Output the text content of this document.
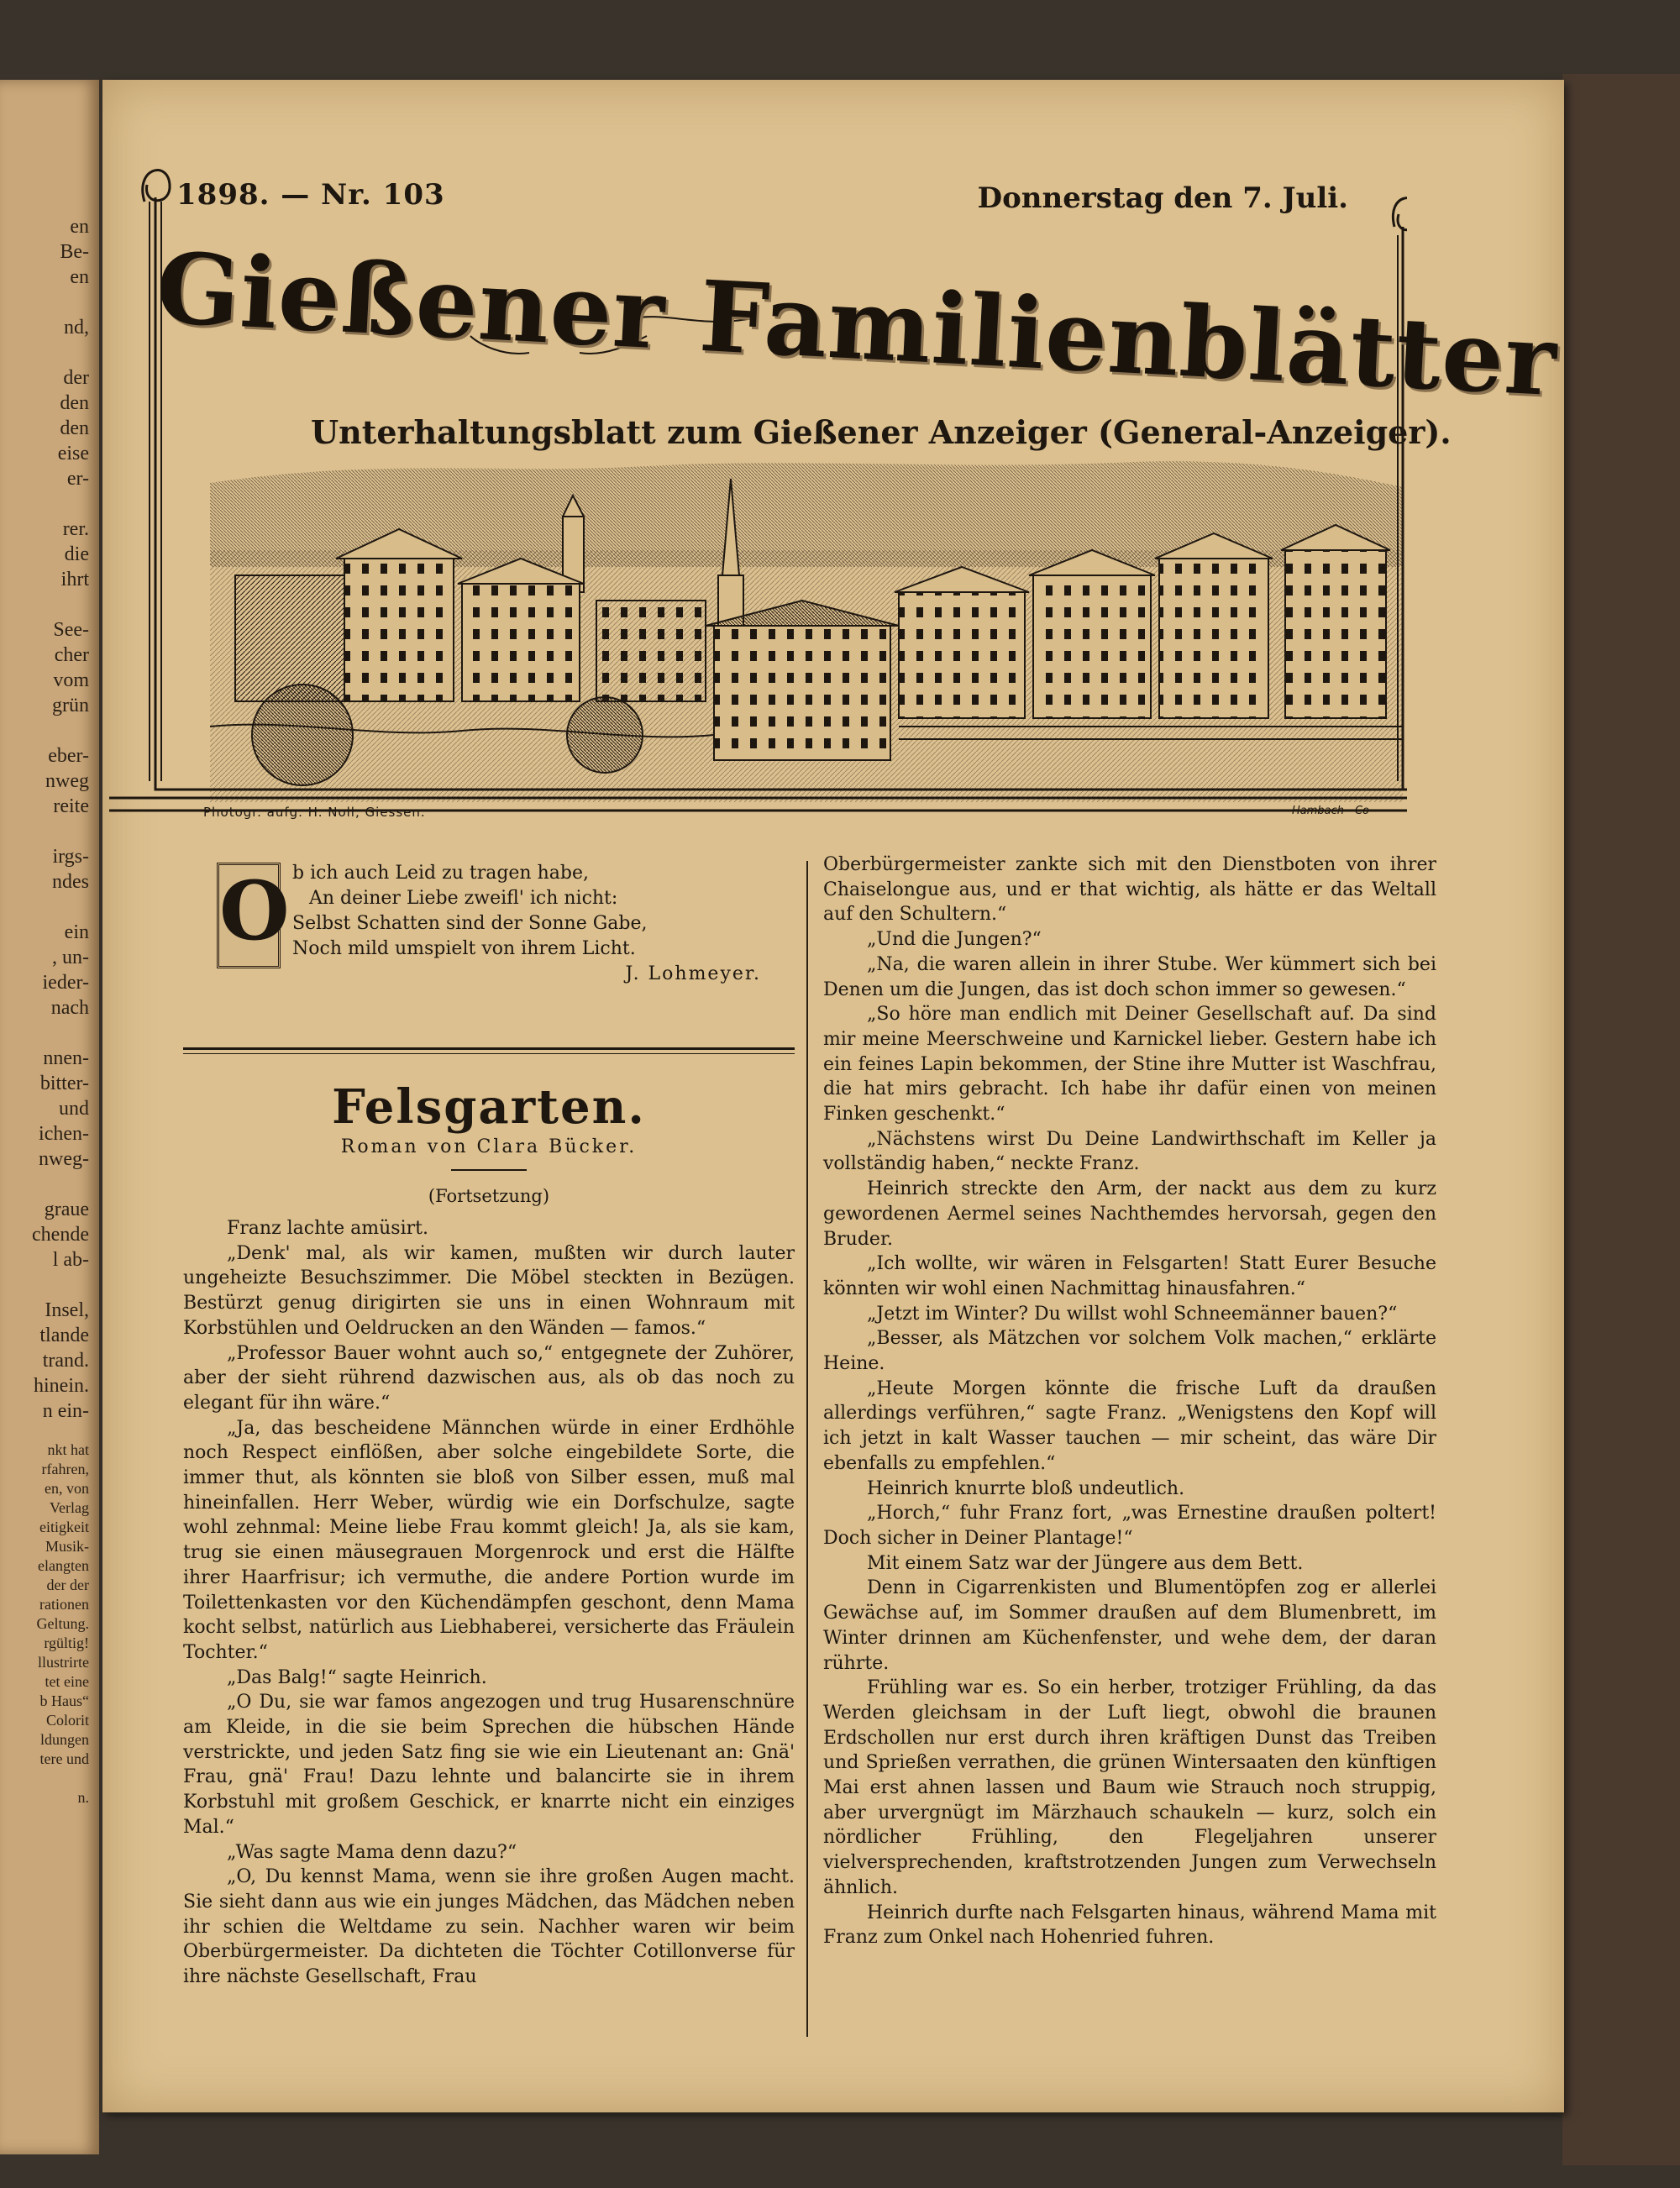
en
Be-
en

nd,

der
den
den
eise
er-

rer.
die
ihrt

See-
cher
vom
grün

eber-
nweg
reite

irgs-
ndes

ein
, un-
ieder-
nach

nnen-
bitter-
und
ichen-
nweg-

graue
chende
l ab-

Insel,
tlande
trand.
hinein.
n ein-
nkt hat
rfahren,
en, von
Verlag
eitigkeit
Musik-
elangten
der der
rationen
Geltung.
rgültig!
llustrirte
tet eine
b Haus“
Colorit
ldungen
tere und

n.
1898. — Nr. 103	Donnerstag den 7. Juli.
Gießener Familienblätter
Unterhaltungsblatt zum Gießener Anzeiger (General-Anzeiger).
Photogr. aufg. H. Noll, Giessen.	Hambach - Co
O b ich auch Leid zu tragen habe,
An deiner Liebe zweifl' ich nicht:
Selbst Schatten sind der Sonne Gabe,
Noch mild umspielt von ihrem Licht.
J. Lohmeyer.
Felsgarten.
Roman von Clara Bücker.
(Fortsetzung)

Franz lachte amüsirt.

„Denk' mal, als wir kamen, mußten wir durch lauter ungeheizte Besuchszimmer. Die Möbel steckten in Bezügen. Bestürzt genug dirigirten sie uns in einen Wohnraum mit Korbstühlen und Oeldrucken an den Wänden — famos.“

„Professor Bauer wohnt auch so,“ entgegnete der Zuhörer, aber der sieht rührend dazwischen aus, als ob das noch zu elegant für ihn wäre.“

„Ja, das bescheidene Männchen würde in einer Erdhöhle noch Respect einflößen, aber solche eingebildete Sorte, die immer thut, als könnten sie bloß von Silber essen, muß mal hineinfallen. Herr Weber, würdig wie ein Dorfschulze, sagte wohl zehnmal: Meine liebe Frau kommt gleich! Ja, als sie kam, trug sie einen mäusegrauen Morgenrock und erst die Hälfte ihrer Haarfrisur; ich vermuthe, die andere Portion wurde im Toilettenkasten vor den Küchendämpfen geschont, denn Mama kocht selbst, natürlich aus Liebhaberei, versicherte das Fräulein Tochter.“

„Das Balg!“ sagte Heinrich.

„O Du, sie war famos angezogen und trug Husarenschnüre am Kleide, in die sie beim Sprechen die hübschen Hände verstrickte, und jeden Satz fing sie wie ein Lieutenant an: Gnä' Frau, gnä' Frau! Dazu lehnte und balancirte sie in ihrem Korbstuhl mit großem Geschick, er knarrte nicht ein einziges Mal.“

„Was sagte Mama denn dazu?“

„O, Du kennst Mama, wenn sie ihre großen Augen macht. Sie sieht dann aus wie ein junges Mädchen, das Mädchen neben ihr schien die Weltdame zu sein. Nachher waren wir beim Oberbürgermeister. Da dichteten die Töchter Cotillonverse für ihre nächste Gesellschaft, Frau

Oberbürgermeister zankte sich mit den Dienstboten von ihrer Chaiselongue aus, und er that wichtig, als hätte er das Weltall auf den Schultern.“

„Und die Jungen?“

„Na, die waren allein in ihrer Stube. Wer kümmert sich bei Denen um die Jungen, das ist doch schon immer so gewesen.“

„So höre man endlich mit Deiner Gesellschaft auf. Da sind mir meine Meerschweine und Karnickel lieber. Gestern habe ich ein feines Lapin bekommen, der Stine ihre Mutter ist Waschfrau, die hat mirs gebracht. Ich habe ihr dafür einen von meinen Finken geschenkt.“

„Nächstens wirst Du Deine Landwirthschaft im Keller ja vollständig haben,“ neckte Franz.

Heinrich streckte den Arm, der nackt aus dem zu kurz gewordenen Aermel seines Nachthemdes hervorsah, gegen den Bruder.

„Ich wollte, wir wären in Felsgarten! Statt Eurer Besuche könnten wir wohl einen Nachmittag hinausfahren.“

„Jetzt im Winter? Du willst wohl Schneemänner bauen?“

„Besser, als Mätzchen vor solchem Volk machen,“ erklärte Heine.

„Heute Morgen könnte die frische Luft da draußen allerdings verführen,“ sagte Franz. „Wenigstens den Kopf will ich jetzt in kalt Wasser tauchen — mir scheint, das wäre Dir ebenfalls zu empfehlen.“

Heinrich knurrte bloß undeutlich.

„Horch,“ fuhr Franz fort, „was Ernestine draußen poltert! Doch sicher in Deiner Plantage!“

Mit einem Satz war der Jüngere aus dem Bett.

Denn in Cigarrenkisten und Blumentöpfen zog er allerlei Gewächse auf, im Sommer draußen auf dem Blumenbrett, im Winter drinnen am Küchenfenster, und wehe dem, der daran rührte.

Frühling war es. So ein herber, trotziger Frühling, da das Werden gleichsam in der Luft liegt, obwohl die braunen Erdschollen nur erst durch ihren kräftigen Dunst das Treiben und Sprießen verrathen, die grünen Wintersaaten den künftigen Mai erst ahnen lassen und Baum wie Strauch noch struppig, aber urvergnügt im Märzhauch schaukeln — kurz, solch ein nördlicher Frühling, den Flegeljahren unserer vielversprechenden, kraftstrotzenden Jungen zum Verwechseln ähnlich.

Heinrich durfte nach Felsgarten hinaus, während Mama mit Franz zum Onkel nach Hohenried fuhren.
